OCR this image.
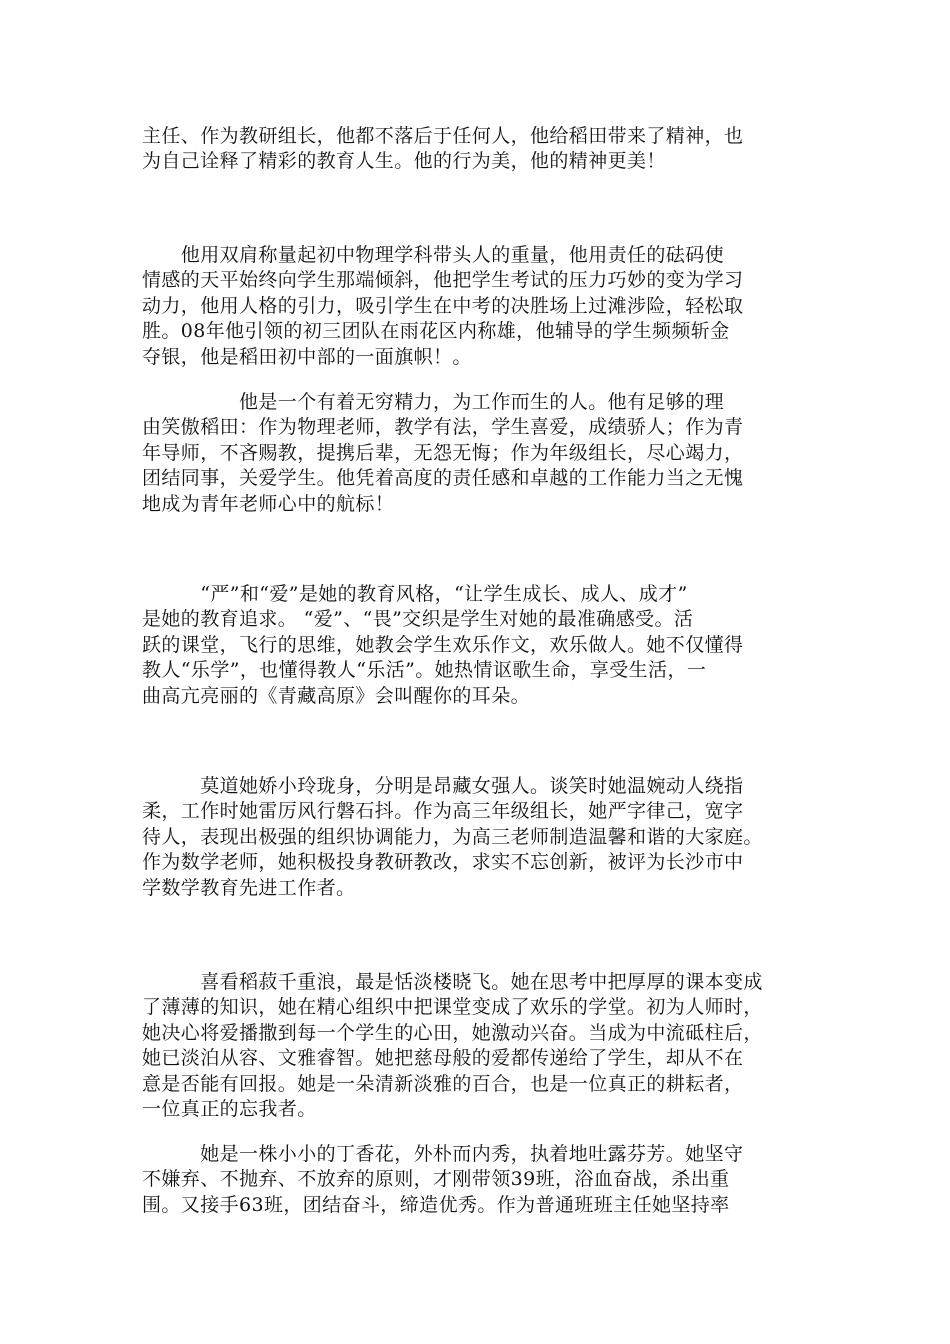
主任、作为教研组长，他都不落后于任何人，他给稻田带来了精神，也
为自己诠释了精彩的教育人生。他的行为美，他的精神更美！

　　他用双肩称量起初中物理学科带头人的重量，他用责任的砝码使
情感的天平始终向学生那端倾斜，他把学生考试的压力巧妙的变为学习
动力，他用人格的引力，吸引学生在中考的决胜场上过滩涉险，轻松取
胜。08年他引领的初三团队在雨花区内称雄，他辅导的学生频频斩金
夺银，他是稻田初中部的一面旗帜！。

　　　　　他是一个有着无穷精力，为工作而生的人。他有足够的理
由笑傲稻田：作为物理老师，教学有法，学生喜爱，成绩骄人；作为青
年导师，不吝赐教，提携后辈，无怨无悔；作为年级组长，尽心竭力，
团结同事，关爱学生。他凭着高度的责任感和卓越的工作能力当之无愧
地成为青年老师心中的航标！

　　　“严”和“爱”是她的教育风格，“让学生成长、成人、成才”
是她的教育追求。 “爱”、“畏”交织是学生对她的最准确感受。活
跃的课堂，飞行的思维，她教会学生欢乐作文，欢乐做人。她不仅懂得
教人“乐学”，也懂得教人“乐活”。她热情讴歌生命，享受生活，一
曲高亢亮丽的《青藏高原》会叫醒你的耳朵。

　　　莫道她娇小玲珑身，分明是昂藏女强人。谈笑时她温婉动人绕指
柔，工作时她雷厉风行磐石抖。作为高三年级组长，她严字律己，宽字
待人，表现出极强的组织协调能力，为高三老师制造温馨和谐的大家庭。
作为数学老师，她积极投身教研教改，求实不忘创新，被评为长沙市中
学数学教育先进工作者。

　　　喜看稻菽千重浪，最是恬淡楼晓飞。她在思考中把厚厚的课本变成
了薄薄的知识，她在精心组织中把课堂变成了欢乐的学堂。初为人师时，
她决心将爱播撒到每一个学生的心田，她激动兴奋。当成为中流砥柱后，
她已淡泊从容、文雅睿智。她把慈母般的爱都传递给了学生，却从不在
意是否能有回报。她是一朵清新淡雅的百合，也是一位真正的耕耘者，
一位真正的忘我者。

　　　她是一株小小的丁香花，外朴而内秀，执着地吐露芬芳。她坚守
不嫌弃、不抛弃、不放弃的原则，才刚带领39班，浴血奋战，杀出重
围。又接手63班，团结奋斗，缔造优秀。作为普通班班主任她坚持率
